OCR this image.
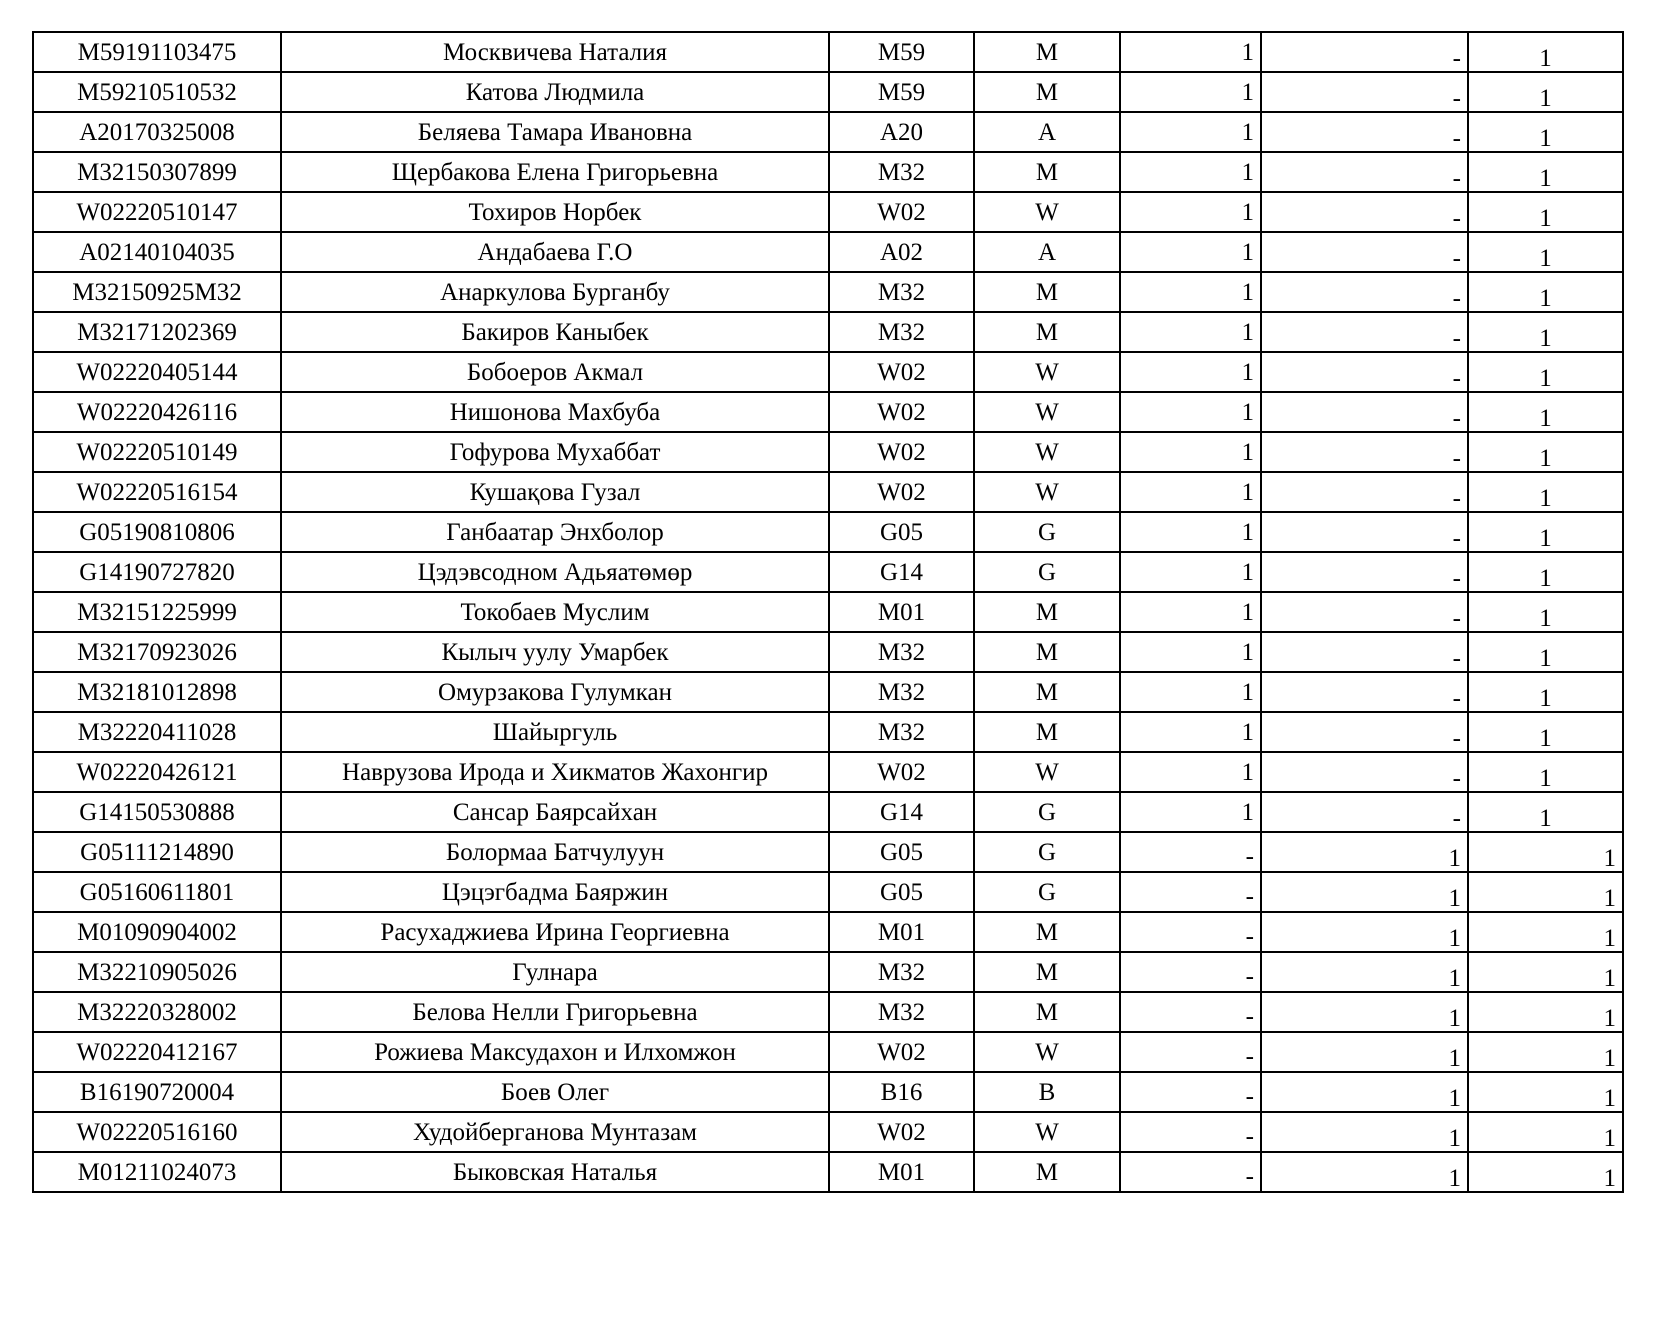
M59191103475	Москвичева Наталия	M59	M	1	-	1
M59210510532	Катова Людмила	M59	M	1	-	1
A20170325008	Беляева Тамара Ивановна	A20	A	1	-	1
M32150307899	Щербакова Елена Григорьевна	M32	M	1	-	1
W02220510147	Тохиров Норбек	W02	W	1	-	1
A02140104035	Андабаева Г.О	A02	A	1	-	1
M32150925M32	Анаркулова Бурганбу	M32	M	1	-	1
M32171202369	Бакиров Каныбек	M32	M	1	-	1
W02220405144	Бобоеров Акмал	W02	W	1	-	1
W02220426116	Нишонова Махбуба	W02	W	1	-	1
W02220510149	Гофурова Мухаббат	W02	W	1	-	1
W02220516154	Кушақова Гузал	W02	W	1	-	1
G05190810806	Ганбаатар Энхболор	G05	G	1	-	1
G14190727820	Цэдэвсодном Адьяатөмөр	G14	G	1	-	1
M32151225999	Токобаев Муслим	M01	M	1	-	1
M32170923026	Кылыч уулу Умарбек	M32	M	1	-	1
M32181012898	Омурзакова Гулумкан	M32	M	1	-	1
M32220411028	Шайыргуль	M32	M	1	-	1
W02220426121	Наврузова Ирода и Хикматов Жахонгир	W02	W	1	-	1
G14150530888	Сансар Баярсайхан	G14	G	1	-	1
G05111214890	Болормаа Батчулуун	G05	G	-	1	1
G05160611801	Цэцэгбадма Баяржин	G05	G	-	1	1
M01090904002	Расухаджиева Ирина Георгиевна	M01	M	-	1	1
M32210905026	Гулнара	M32	M	-	1	1
M32220328002	Белова Нелли Григорьевна	M32	M	-	1	1
W02220412167	Рожиева Максудахон и Илхомжон	W02	W	-	1	1
B16190720004	Боев Олег	B16	B	-	1	1
W02220516160	Худойберганова Мунтазам	W02	W	-	1	1
M01211024073	Быковская Наталья	M01	M	-	1	1
